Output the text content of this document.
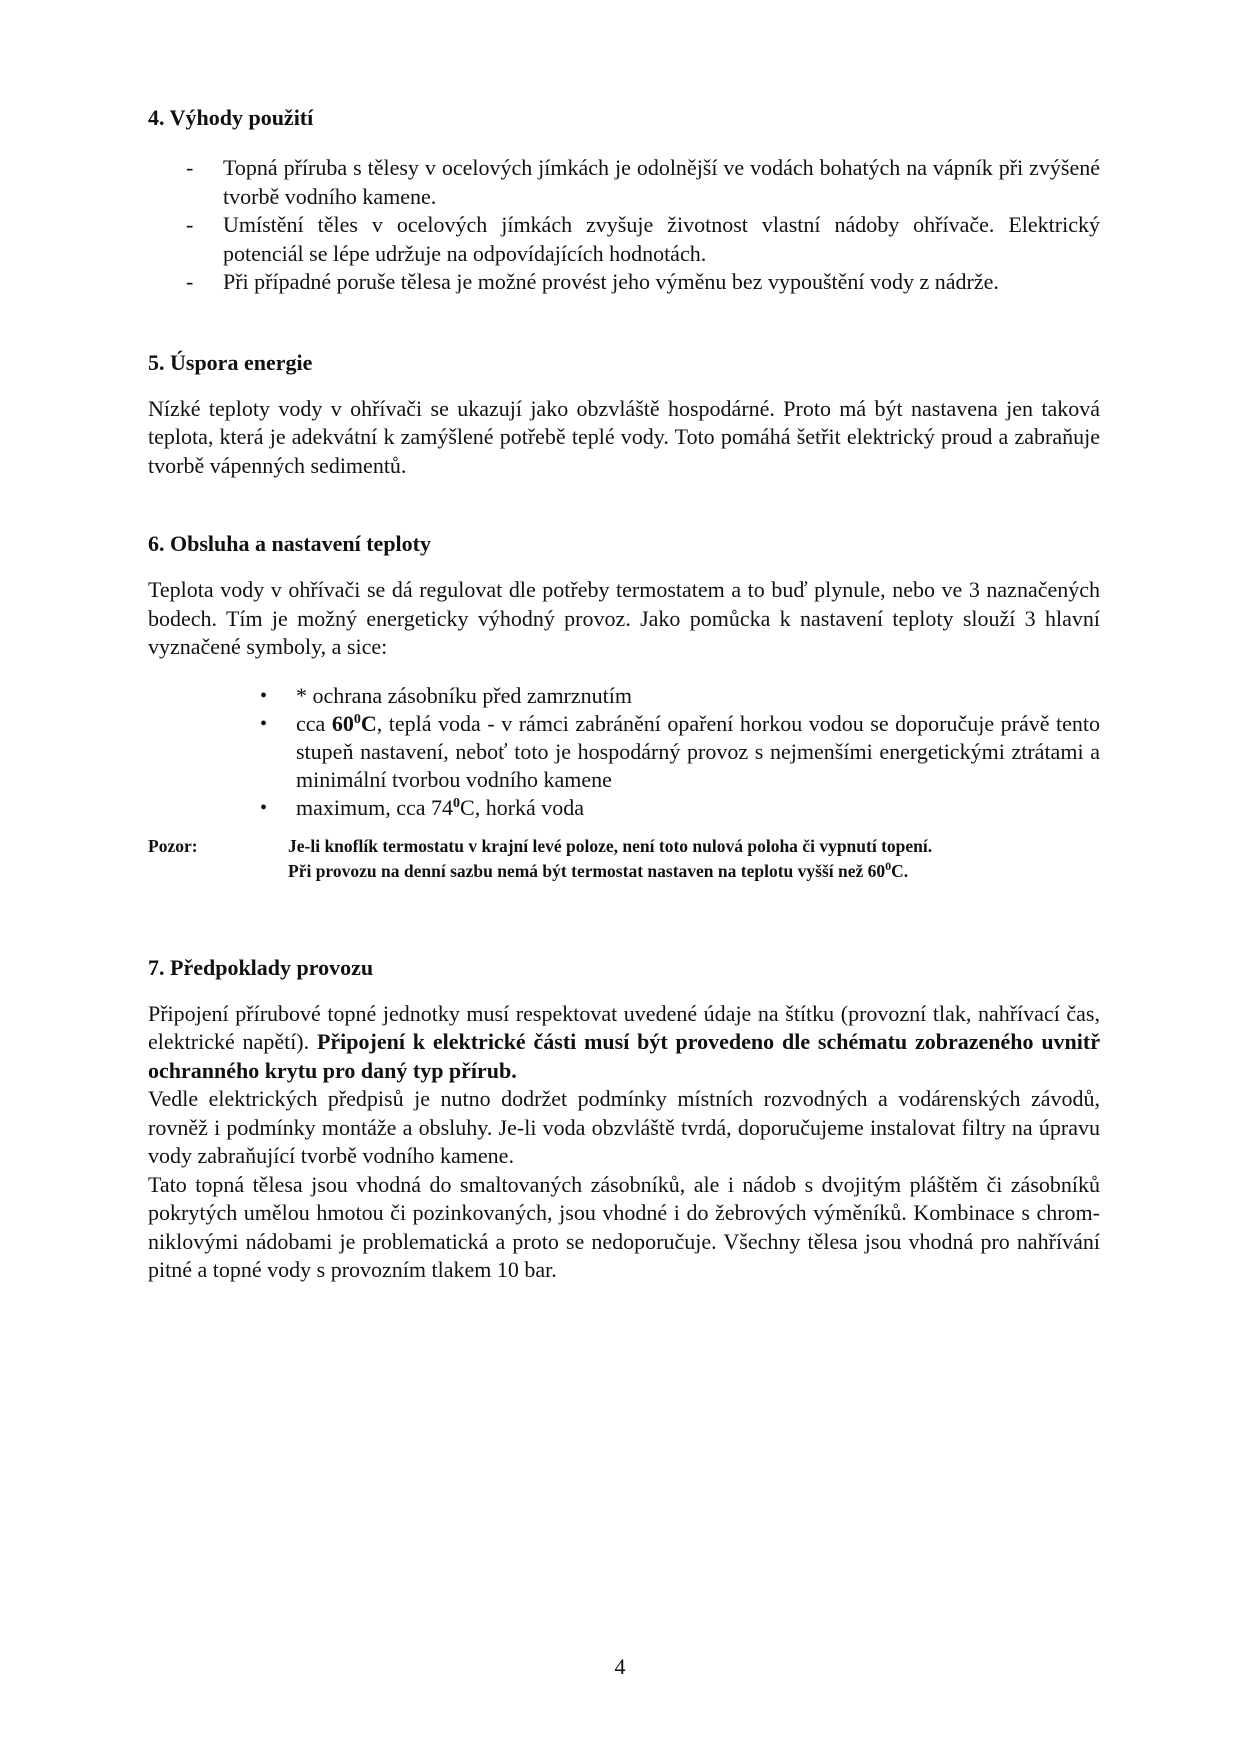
4. Výhody použití
- Topná příruba s tělesy v ocelových jímkách je odolnější ve vodách bohatých na vápník při zvýšené tvorbě vodního kamene.
- Umístění těles v ocelových jímkách zvyšuje životnost vlastní nádoby ohřívače. Elektrický potenciál se lépe udržuje na odpovídajících hodnotách.
- Při případné poruše tělesa je možné provést jeho výměnu bez vypouštění vody z nádrže.
5. Úspora energie

Nízké teploty vody v ohřívači se ukazují jako obzvláště hospodárné. Proto má být nastavena jen taková teplota, která je adekvátní k zamýšlené potřebě teplé vody. Toto pomáhá šetřit elektrický proud a zabraňuje tvorbě vápenných sedimentů.

6. Obsluha a nastavení teploty

Teplota vody v ohřívači se dá regulovat dle potřeby termostatem a to buď plynule, nebo ve 3 naznačených bodech. Tím je možný energeticky výhodný provoz. Jako pomůcka k nastavení teploty slouží 3 hlavní vyznačené symboly, a sice:

• * ochrana zásobníku před zamrznutím
• cca $60^0C$, teplá voda - v rámci zabránění opaření horkou vodou se doporučuje právě tento stupeň nastavení, neboť toto je hospodárný provoz s nejmenšími energetickými ztrátami a minimální tvorbou vodního kamene
• maximum, cca $74^0C$, horká voda
Pozor:	Je-li knoflík termostatu v krajní levé poloze, není toto nulová poloha či vypnutí topení.
Při provozu na denní sazbu nemá být termostat nastaven na teplotu vyšší než $60^0C$.
7. Předpoklady provozu

Připojení přírubové topné jednotky musí respektovat uvedené údaje na štítku (provozní tlak, nahřívací čas, elektrické napětí). Připojení k elektrické části musí být provedeno dle schématu zobrazeného uvnitř ochranného krytu pro daný typ přírub.

Vedle elektrických předpisů je nutno dodržet podmínky místních rozvodných a vodárenských závodů, rovněž i podmínky montáže a obsluhy. Je-li voda obzvláště tvrdá, doporučujeme instalovat filtry na úpravu vody zabraňující tvorbě vodního kamene.

Tato topná tělesa jsou vhodná do smaltovaných zásobníků, ale i nádob s dvojitým pláštěm či zásobníků pokrytých umělou hmotou či pozinkovaných, jsou vhodné i do žebrových výměníků. Kombinace s chrom-niklovými nádobami je problematická a proto se nedoporučuje. Všechny tělesa jsou vhodná pro nahřívání pitné a topné vody s provozním tlakem 10 bar.

4
